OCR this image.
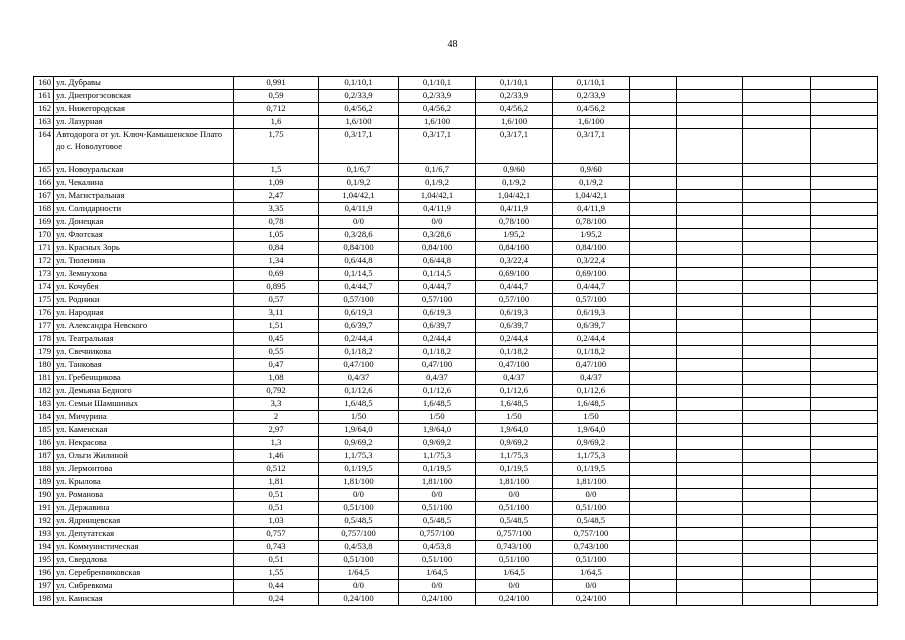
48
160	ул. Дубравы	0,991	0,1/10,1	0,1/10,1	0,1/10,1	0,1/10,1				
161	ул. Днепрогэсовская	0,59	0,2/33,9	0,2/33,9	0,2/33,9	0,2/33,9				
162	ул. Нижегородская	0,712	0,4/56,2	0,4/56,2	0,4/56,2	0,4/56,2				
163	ул. Лазурная	1,6	1,6/100	1,6/100	1,6/100	1,6/100				
164	Автодорога от ул. Ключ-Камышенское Плато до с. Новолуговое	1,75	0,3/17,1	0,3/17,1	0,3/17,1	0,3/17,1				
165	ул. Новоуральская	1,5	0,1/6,7	0,1/6,7	0,9/60	0,9/60				
166	ул. Чекалина	1,09	0,1/9,2	0,1/9,2	0,1/9,2	0,1/9,2				
167	ул. Магистральная	2,47	1,04/42,1	1,04/42,1	1,04/42,1	1,04/42,1				
168	ул. Солидарности	3,35	0,4/11,9	0,4/11,9	0,4/11,9	0,4/11,9				
169	ул. Донецкая	0,78	0/0	0/0	0,78/100	0,78/100				
170	ул. Флотская	1,05	0,3/28,6	0,3/28,6	1/95,2	1/95,2				
171	ул. Красных Зорь	0,84	0,84/100	0,84/100	0,84/100	0,84/100				
172	ул. Тюленина	1,34	0,6/44,8	0,6/44,8	0,3/22,4	0,3/22,4				
173	ул. Земнухова	0,69	0,1/14,5	0,1/14,5	0,69/100	0,69/100				
174	ул. Кочубея	0,895	0,4/44,7	0,4/44,7	0,4/44,7	0,4/44,7				
175	ул. Родники	0,57	0,57/100	0,57/100	0,57/100	0,57/100				
176	ул. Народная	3,11	0,6/19,3	0,6/19,3	0,6/19,3	0,6/19,3				
177	ул. Александра Невского	1,51	0,6/39,7	0,6/39,7	0,6/39,7	0,6/39,7				
178	ул. Театральная	0,45	0,2/44,4	0,2/44,4	0,2/44,4	0,2/44,4				
179	ул. Свечникова	0,55	0,1/18,2	0,1/18,2	0,1/18,2	0,1/18,2				
180	ул. Танковая	0,47	0,47/100	0,47/100	0,47/100	0,47/100				
181	ул. Гребенщикова	1,08	0,4/37	0,4/37	0,4/37	0,4/37				
182	ул. Демьяна Бедного	0,792	0,1/12,6	0,1/12,6	0,1/12,6	0,1/12,6				
183	ул. Семьи Шамшиных	3,3	1,6/48,5	1,6/48,5	1,6/48,5	1,6/48,5				
184	ул. Мичурина	2	1/50	1/50	1/50	1/50				
185	ул. Каменская	2,97	1,9/64,0	1,9/64,0	1,9/64,0	1,9/64,0				
186	ул. Некрасова	1,3	0,9/69,2	0,9/69,2	0,9/69,2	0,9/69,2				
187	ул. Ольги Жилиной	1,46	1,1/75,3	1,1/75,3	1,1/75,3	1,1/75,3				
188	ул. Лермонтова	0,512	0,1/19,5	0,1/19,5	0,1/19,5	0,1/19,5				
189	ул. Крылова	1,81	1,81/100	1,81/100	1,81/100	1,81/100				
190	ул. Романова	0,51	0/0	0/0	0/0	0/0				
191	ул. Державина	0,51	0,51/100	0,51/100	0,51/100	0,51/100				
192	ул. Ядринцевская	1,03	0,5/48,5	0,5/48,5	0,5/48,5	0,5/48,5				
193	ул. Депутатская	0,757	0,757/100	0,757/100	0,757/100	0,757/100				
194	ул. Коммунистическая	0,743	0,4/53,8	0,4/53,8	0,743/100	0,743/100				
195	ул. Свердлова	0,51	0,51/100	0,51/100	0,51/100	0,51/100				
196	ул. Серебренниковская	1,55	1/64,5	1/64,5	1/64,5	1/64,5				
197	ул. Сибревкома	0,44	0/0	0/0	0/0	0/0				
198	ул. Каинская	0,24	0,24/100	0,24/100	0,24/100	0,24/100				
